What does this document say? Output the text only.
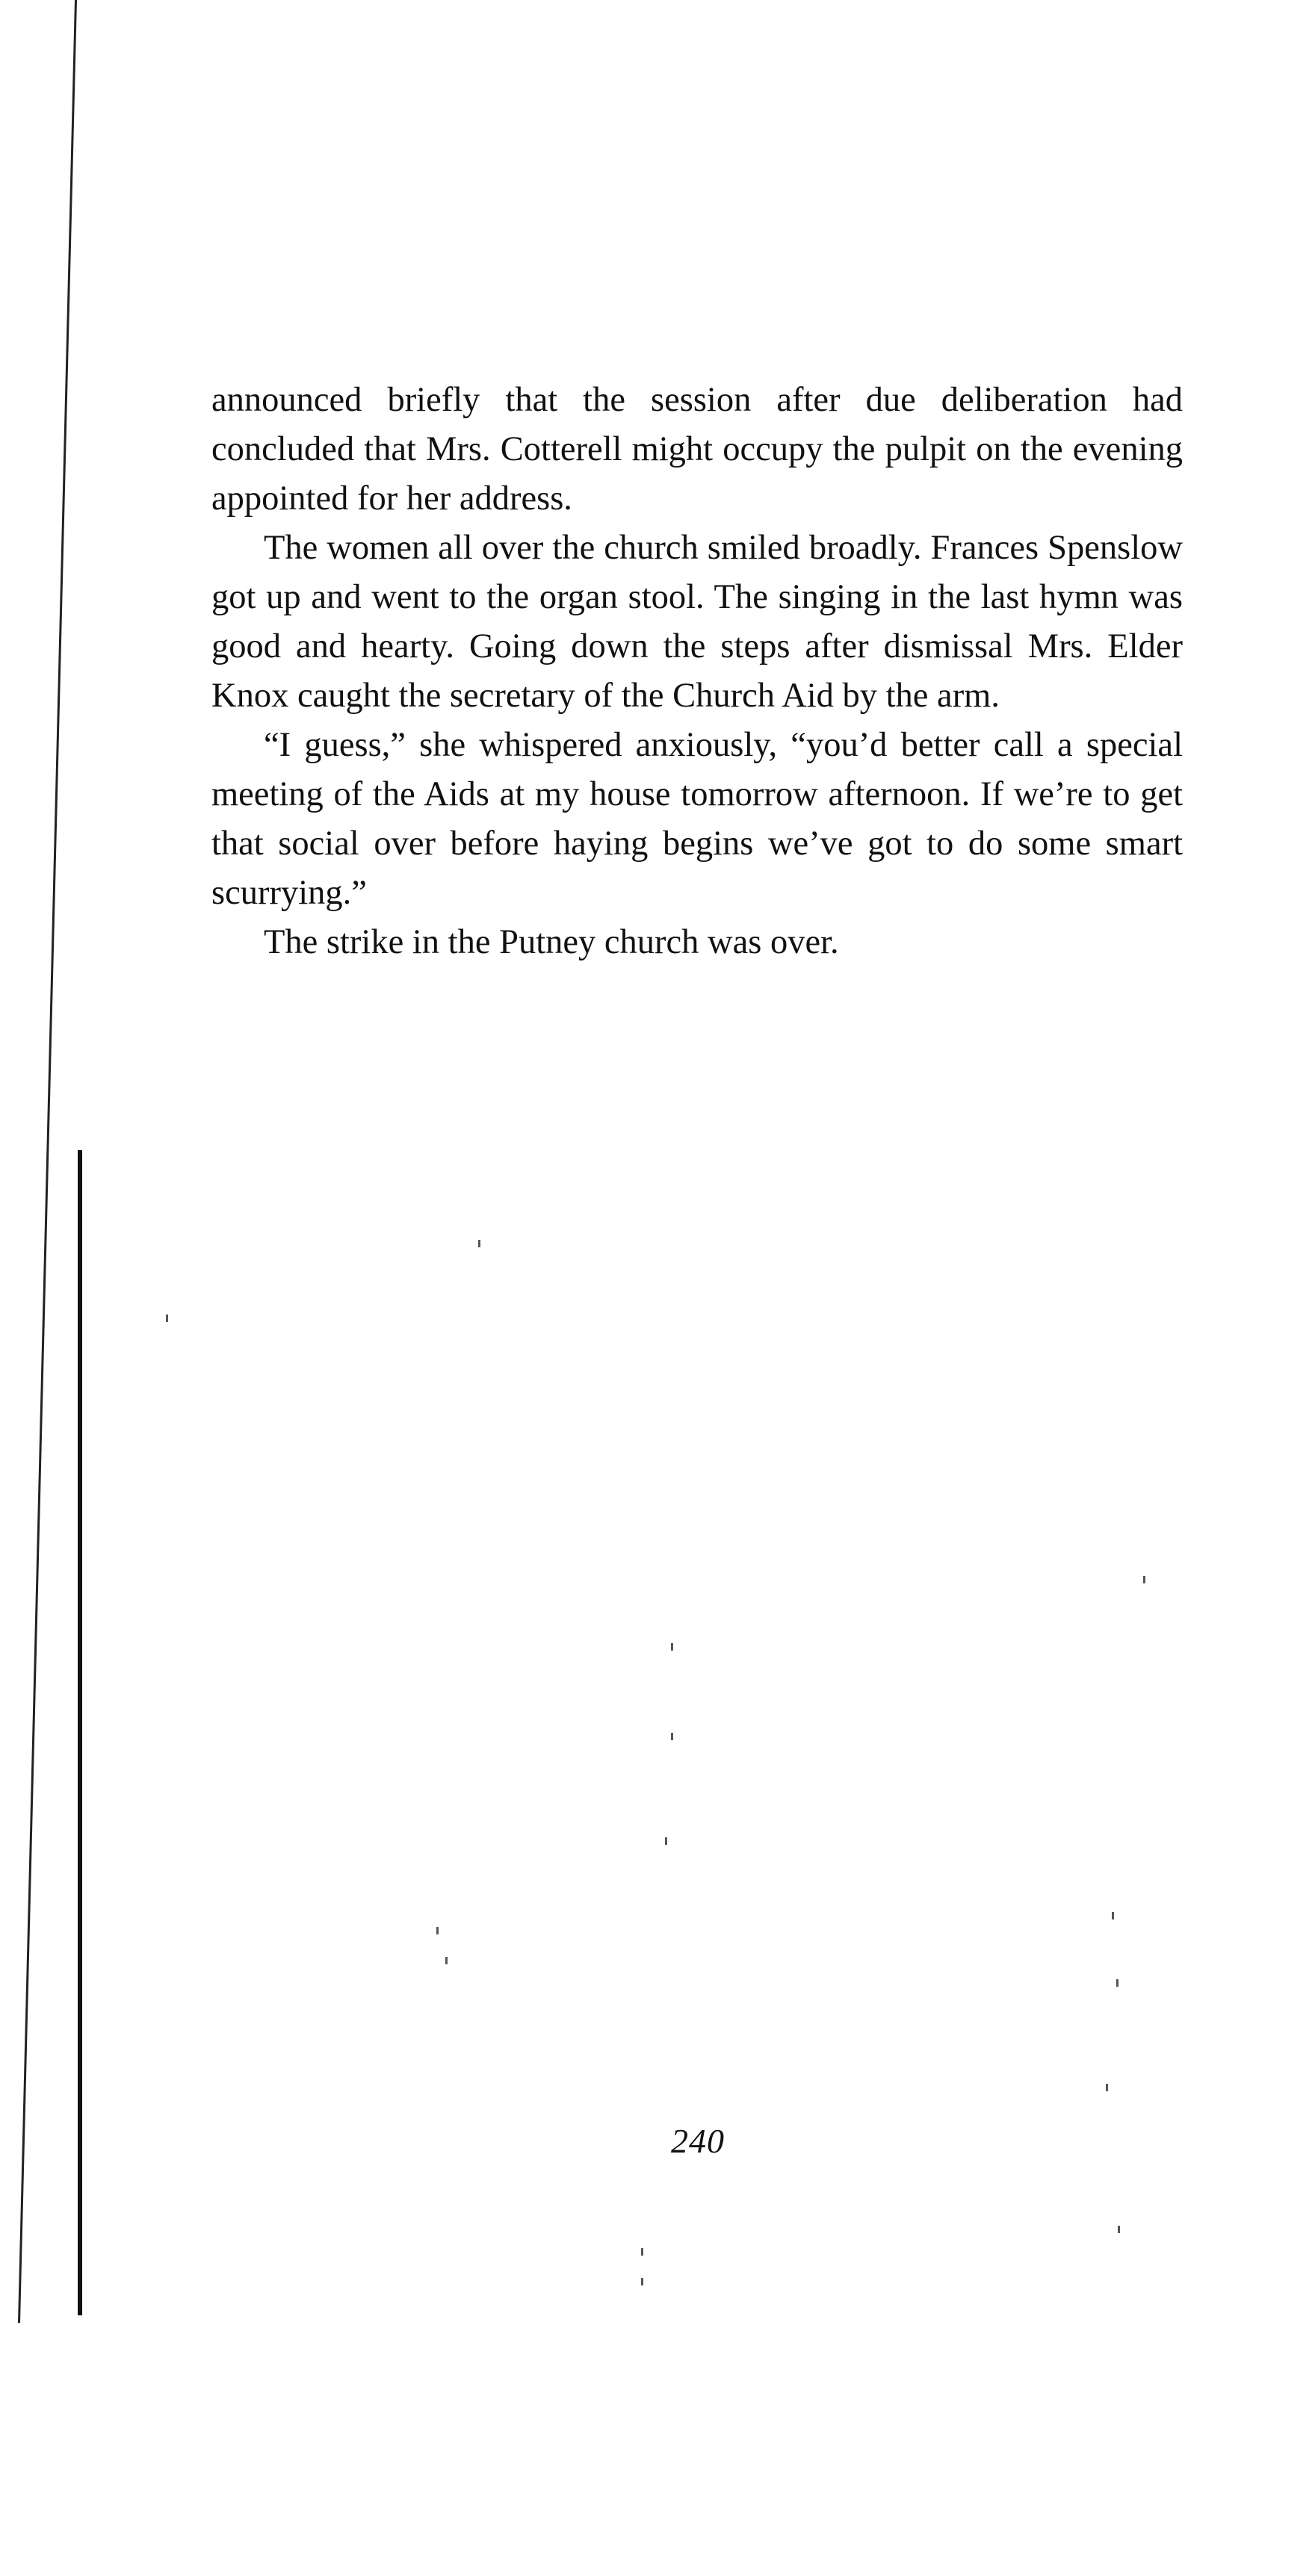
announced briefly that the session after due deliberation had concluded that Mrs. Cotterell might occupy the pulpit on the evening appointed for her address.

The women all over the church smiled broadly. Frances Spenslow got up and went to the organ stool. The singing in the last hymn was good and hearty. Going down the steps after dismissal Mrs. Elder Knox caught the secretary of the Church Aid by the arm.

“I guess,” she whispered anxiously, “you’d better call a special meeting of the Aids at my house tomorrow afternoon. If we’re to get that social over before haying begins we’ve got to do some smart scurrying.”

The strike in the Putney church was over.

240
